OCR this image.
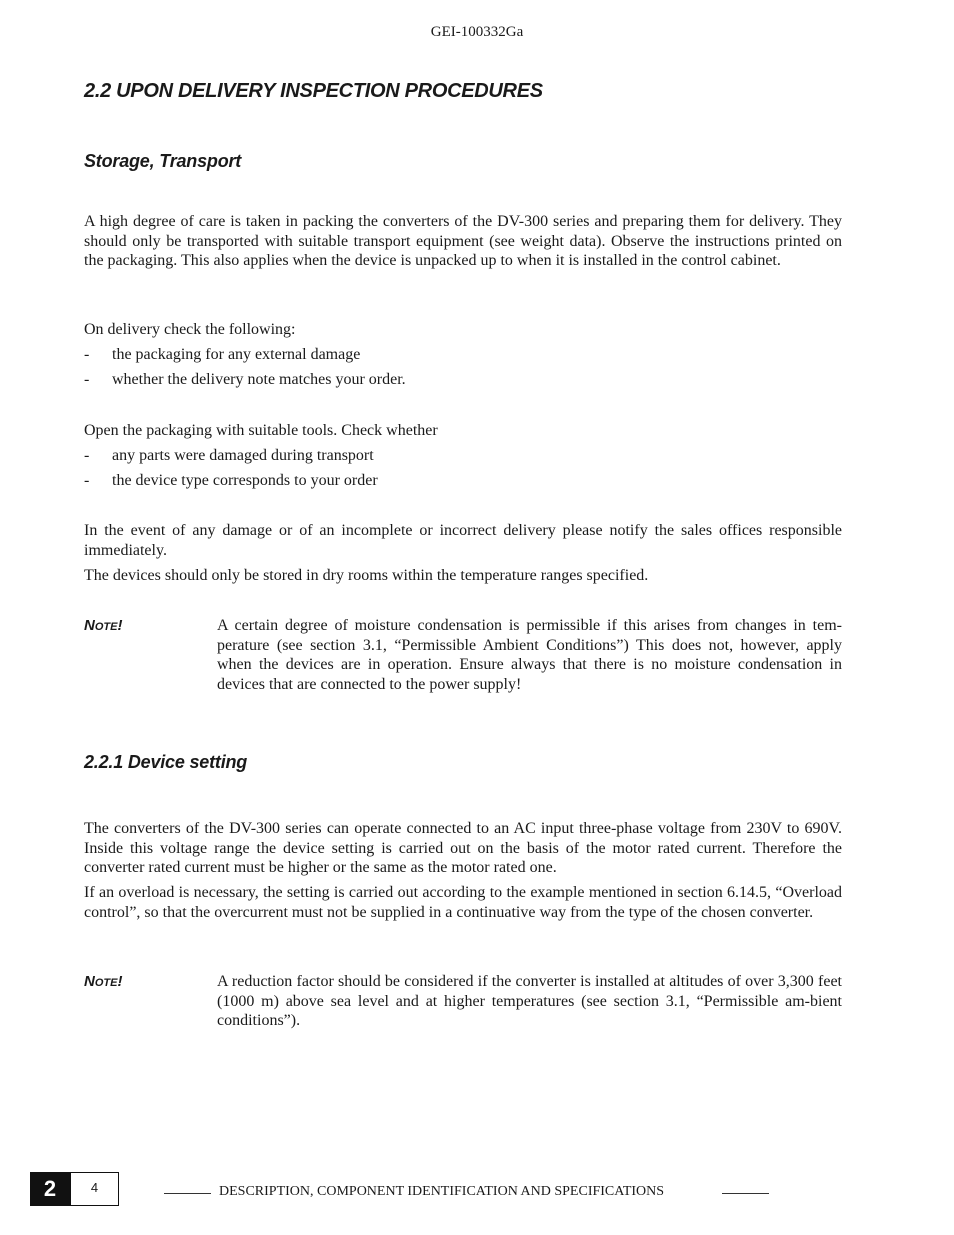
GEI-100332Ga
2.2 UPON DELIVERY INSPECTION PROCEDURES
Storage, Transport
A high degree of care is taken in packing the converters of the DV-300 series and preparing them for delivery. They should only be transported with suitable transport equipment (see weight data). Observe the instructions printed on the packaging. This also applies when the device is unpacked up to when it is installed in the control cabinet.
On delivery check the following:
- the packaging for any external damage
- whether the delivery note matches your order.
Open the packaging with suitable tools. Check whether
- any parts were damaged during transport
- the device type corresponds to your order
In the event of any damage or of an incomplete or incorrect delivery please notify the sales offices responsible immediately.
The devices should only be stored in dry rooms within the temperature ranges specified.
NOTE!	A certain degree of moisture condensation is permissible if this arises from changes in tem-perature (see section 3.1, “Permissible Ambient Conditions”) This does not, however, apply when the devices are in operation. Ensure always that there is no moisture condensation in devices that are connected to the power supply!
2.2.1 Device setting
The converters of the DV-300 series can operate connected to an AC input three-phase voltage from 230V to 690V. Inside this voltage range the device setting is carried out on the basis of the motor rated current. Therefore the converter rated current must be higher or the same as the motor rated one.
If an overload is necessary, the setting is carried out according to the example mentioned in section 6.14.5, “Overload control”, so that the overcurrent must not be supplied in a continuative way from the type of the chosen converter.
NOTE!	A reduction factor should be considered if the converter is installed at altitudes of over 3,300 feet (1000 m) above sea level and at higher temperatures (see section 3.1, “Permissible am-bient conditions”).
2	4	DESCRIPTION, COMPONENT IDENTIFICATION AND SPECIFICATIONS
